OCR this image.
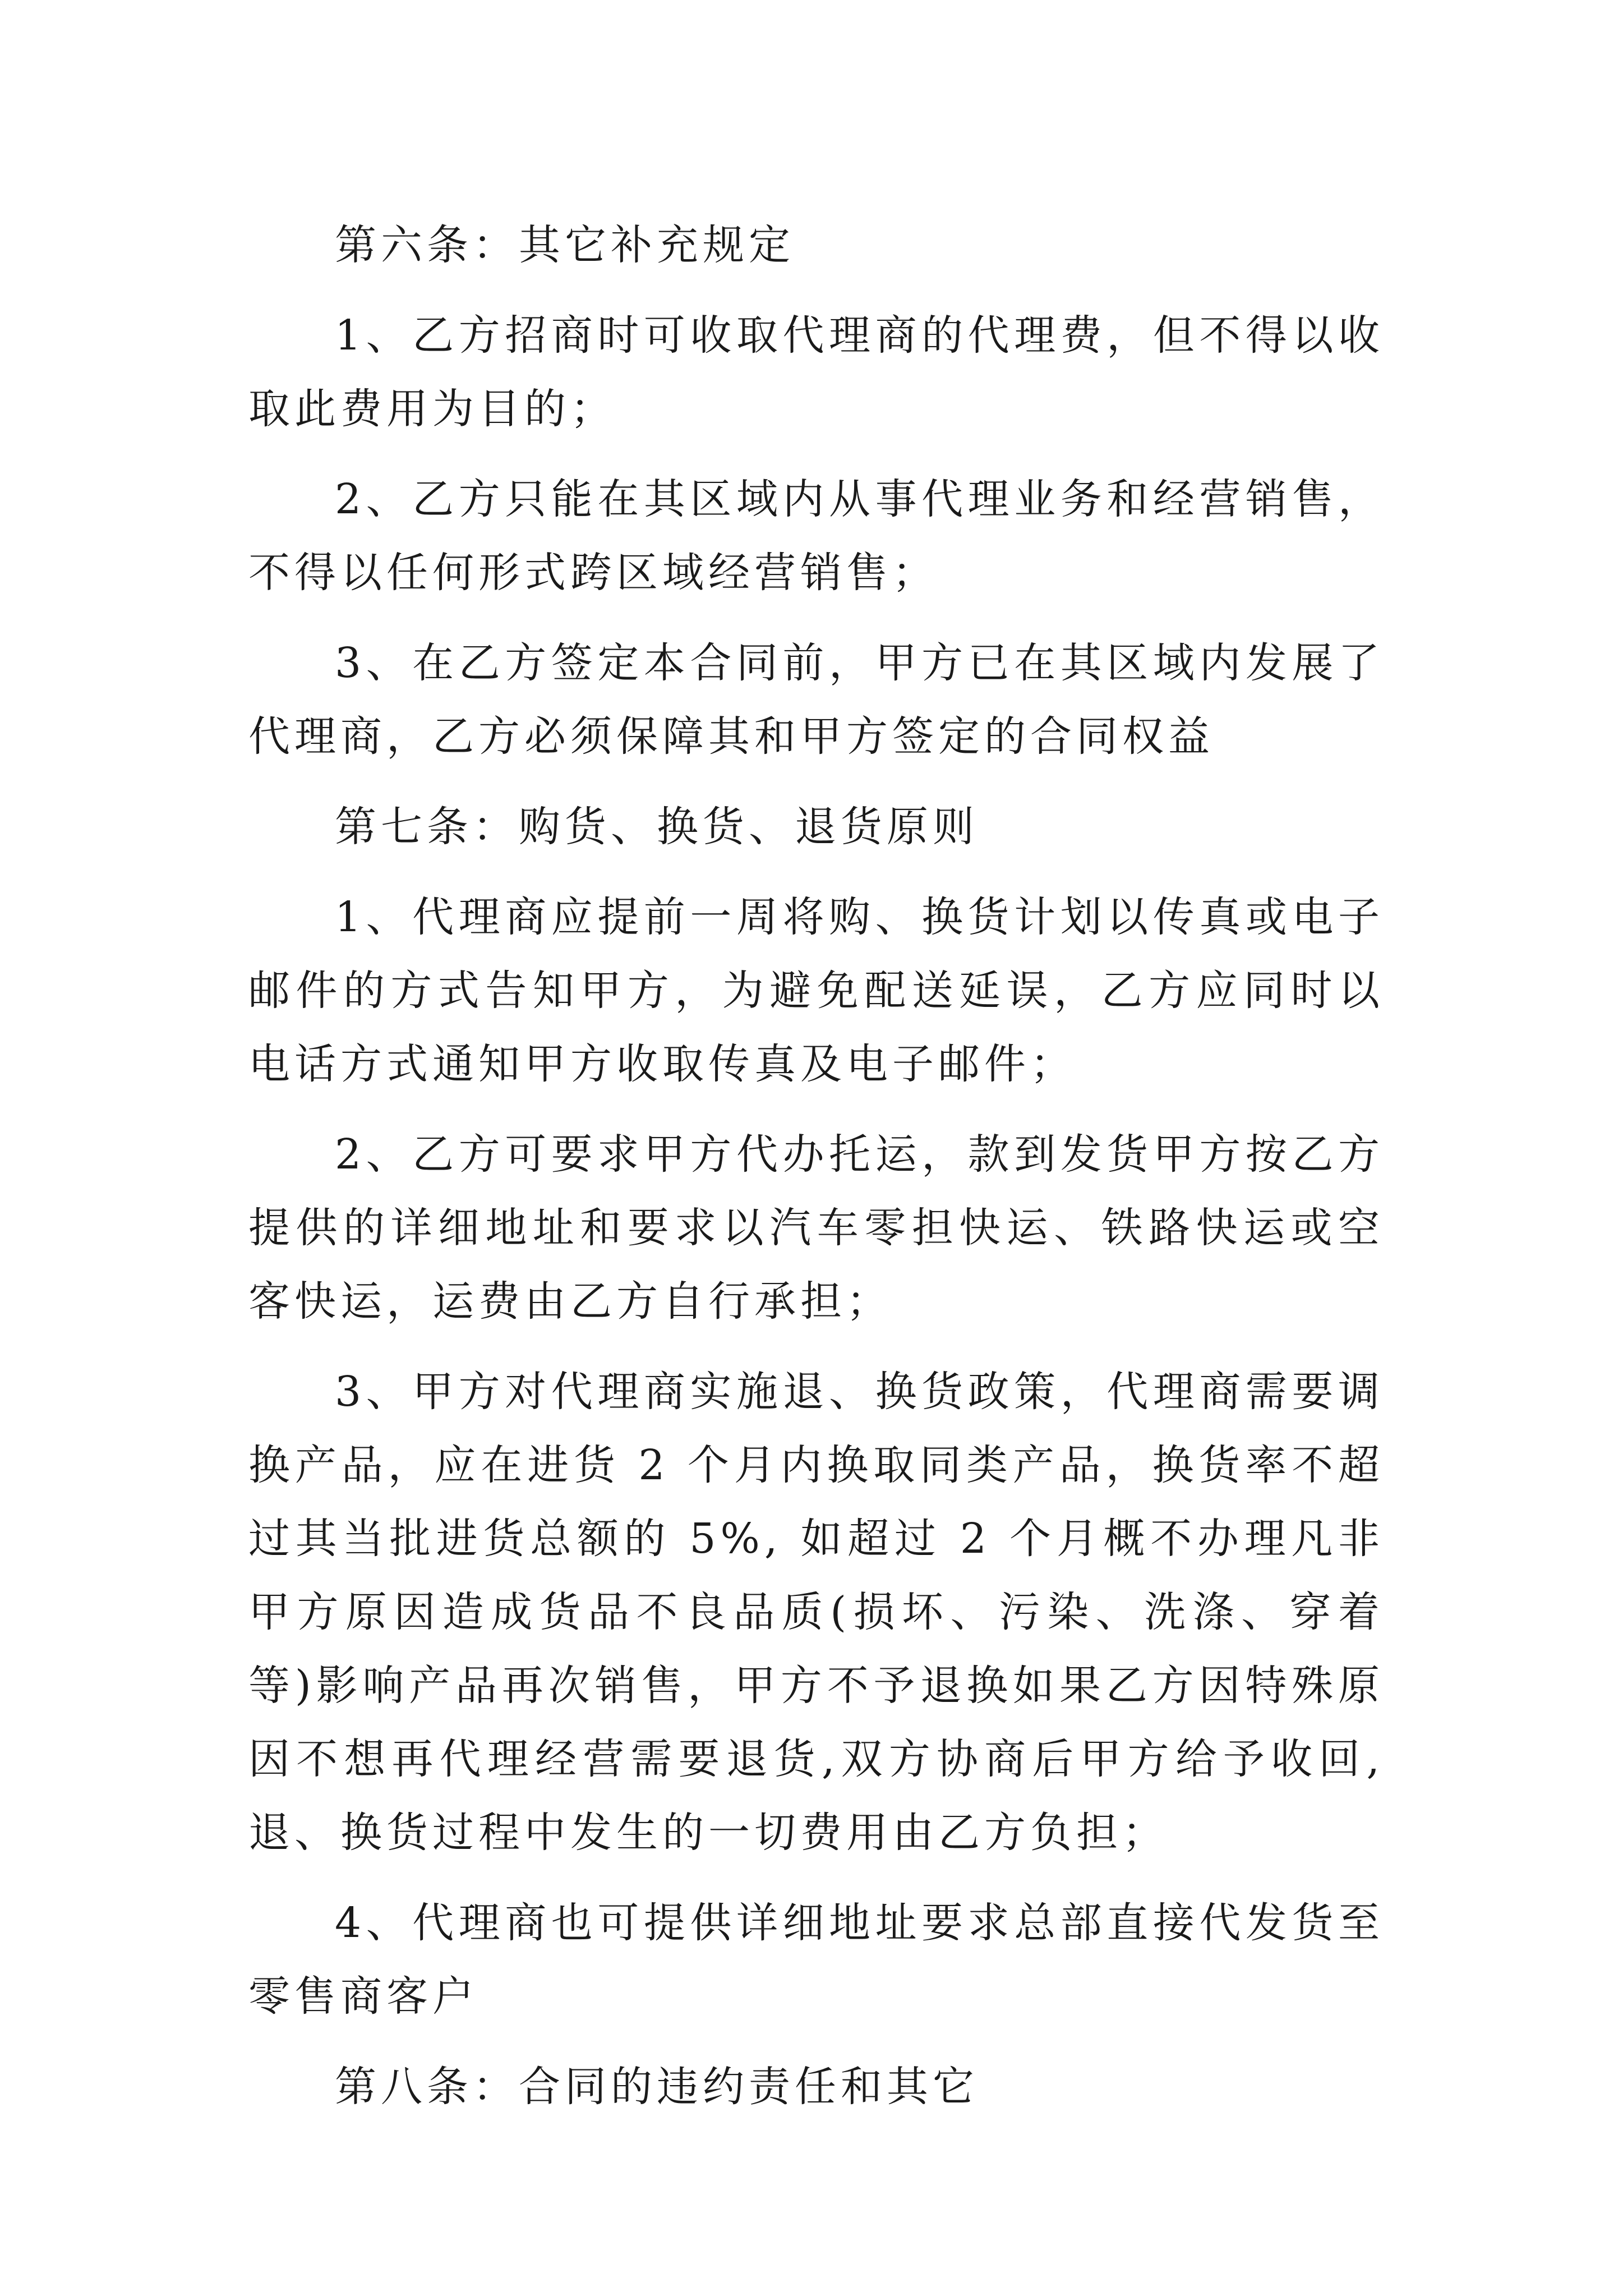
第六条：其它补充规定

1、乙方招商时可收取代理商的代理费，但不得以收取此费用为目的；

2、乙方只能在其区域内从事代理业务和经营销售，不得以任何形式跨区域经营销售；

3、在乙方签定本合同前，甲方已在其区域内发展了代理商，乙方必须保障其和甲方签定的合同权益

第七条：购货、换货、退货原则

1、代理商应提前一周将购、换货计划以传真或电子邮件的方式告知甲方，为避免配送延误，乙方应同时以电话方式通知甲方收取传真及电子邮件；

2、乙方可要求甲方代办托运，款到发货甲方按乙方提供的详细地址和要求以汽车零担快运、铁路快运或空客快运，运费由乙方自行承担；

3、甲方对代理商实施退、换货政策，代理商需要调换产品，应在进货 2 个月内换取同类产品，换货率不超过其当批进货总额的 5%, 如超过 2 个月概不办理凡非甲方原因造成货品不良品质(损坏、污染、洗涤、穿着等)影响产品再次销售，甲方不予退换如果乙方因特殊原因不想再代理经营需要退货,双方协商后甲方给予收回,退、换货过程中发生的一切费用由乙方负担；

4、代理商也可提供详细地址要求总部直接代发货至零售商客户

第八条：合同的违约责任和其它
